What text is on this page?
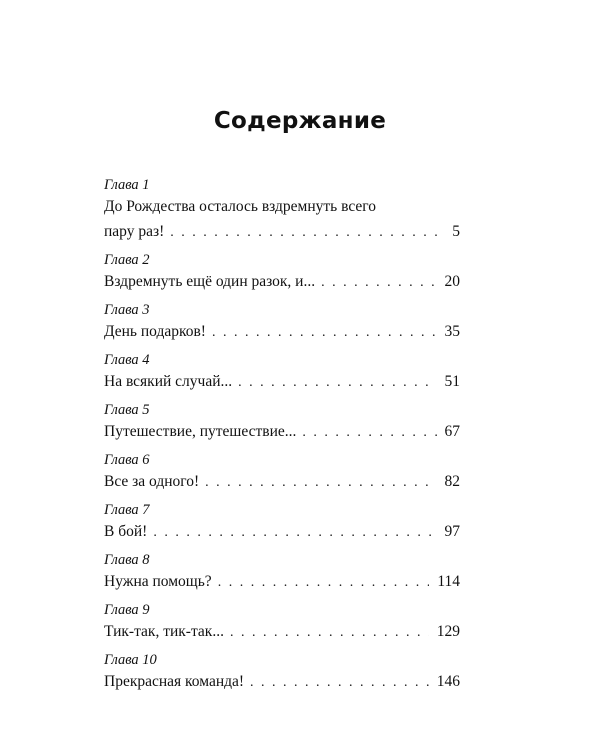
Содержание
Глава 1
До Рождества осталось вздремнуть всего
пару раз! . . .	5
Глава 2
Вздремнуть ещё один разок, и... . . .	20
Глава 3
День подарков! . . .	35
Глава 4
На всякий случай... . . .	51
Глава 5
Путешествие, путешествие... . . .	67
Глава 6
Все за одного! . . .	82
Глава 7
В бой! . . .	97
Глава 8
Нужна помощь? . . .	114
Глава 9
Тик-так, тик-так... . . .	129
Глава 10
Прекрасная команда! . . .	146
